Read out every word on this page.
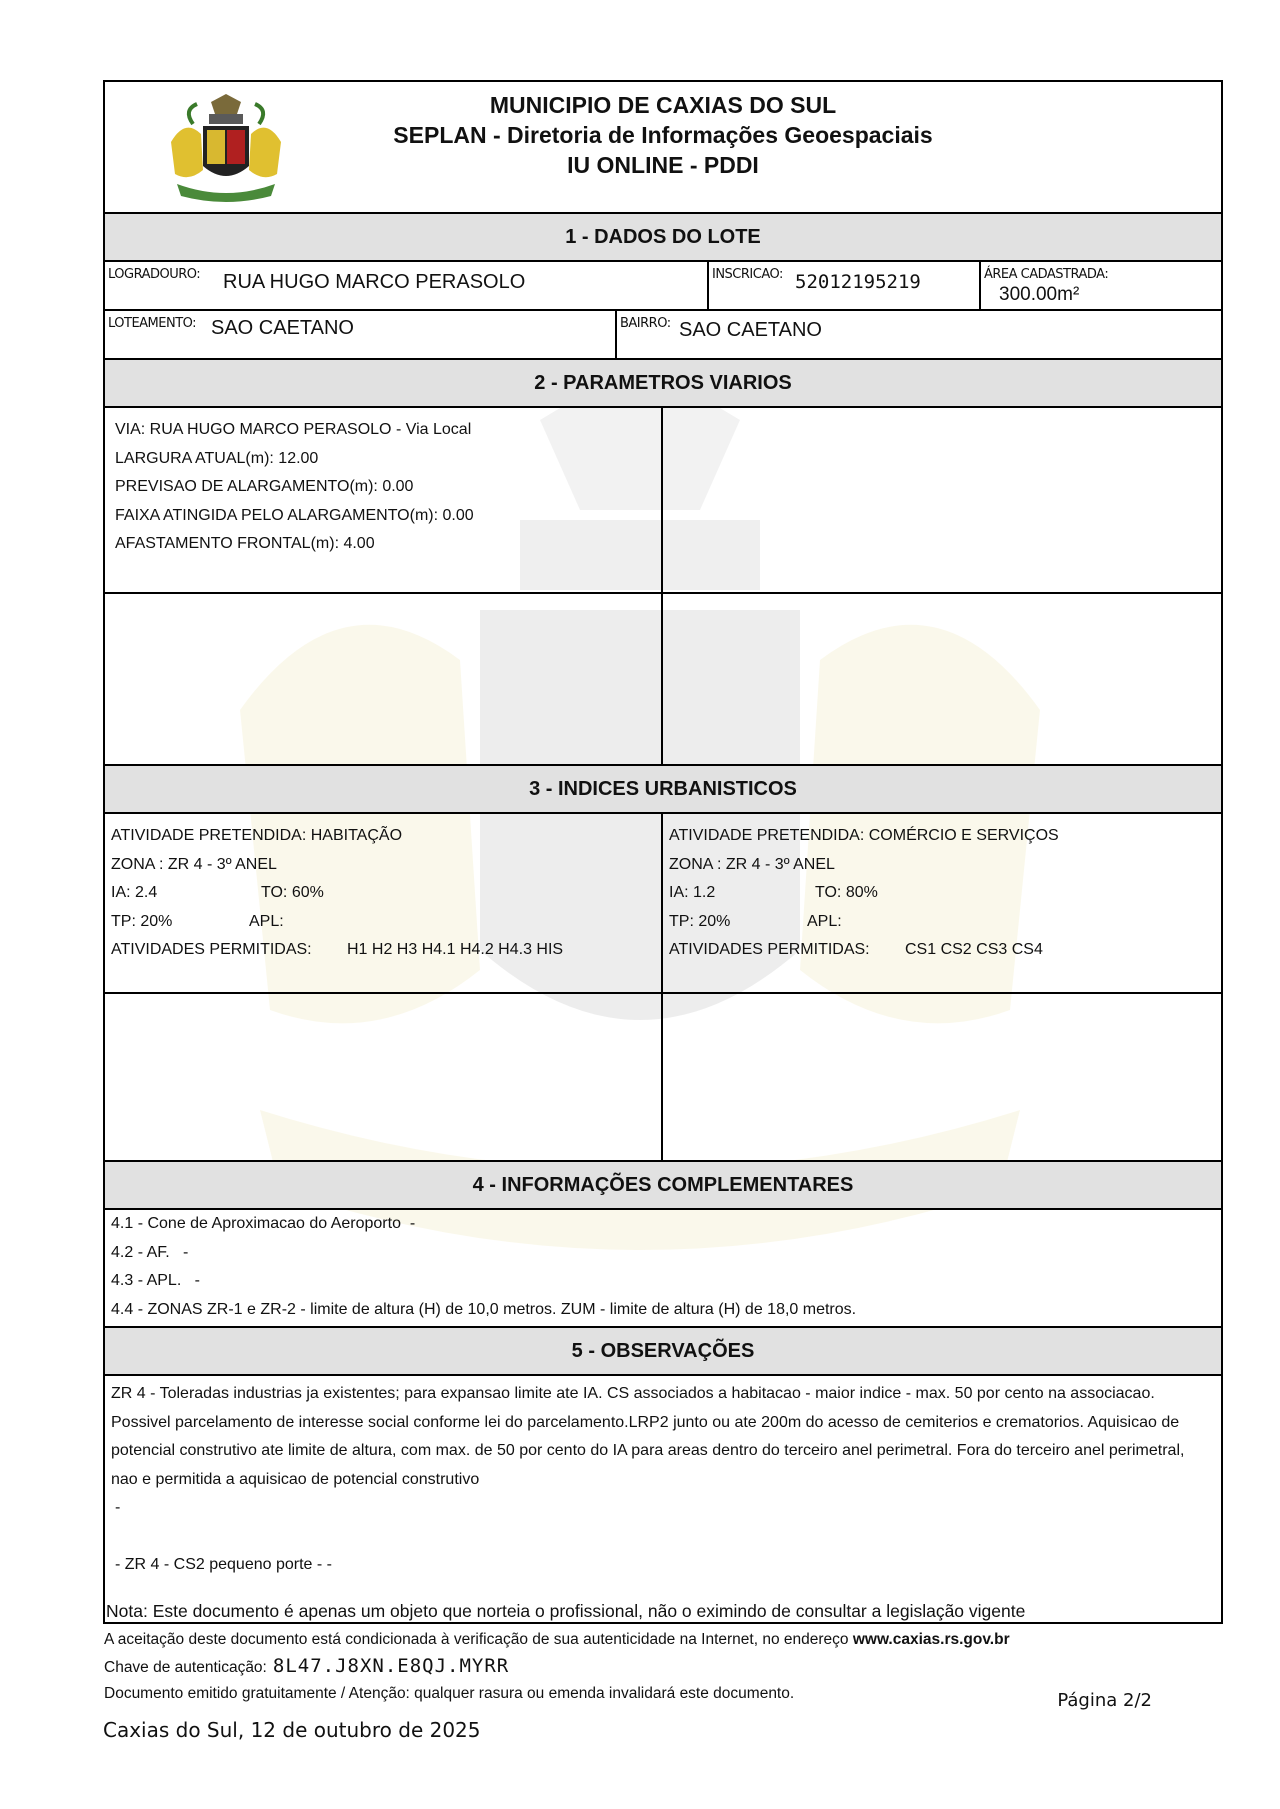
MUNICIPIO DE CAXIAS DO SUL
SEPLAN - Diretoria de Informações Geoespaciais
IU ONLINE - PDDI
1 - DADOS DO LOTE
LOGRADOURO: RUA HUGO MARCO PERASOLO	INSCRICAO: 52012195219	ÁREA CADASTRADA:
300.00m²
LOTEAMENTO: SAO CAETANO	BAIRRO: SAO CAETANO
2 - PARAMETROS VIARIOS
VIA: RUA HUGO MARCO PERASOLO - Via Local
LARGURA ATUAL(m): 12.00
PREVISAO DE ALARGAMENTO(m): 0.00
FAIXA ATINGIDA PELO ALARGAMENTO(m): 0.00
AFASTAMENTO FRONTAL(m): 4.00
3 - INDICES URBANISTICOS
ATIVIDADE PRETENDIDA: HABITAÇÃO
ZONA : ZR 4 - 3º ANEL
IA: 2.4	TO: 60%
TP: 20%	APL:
ATIVIDADES PERMITIDAS: H1 H2 H3 H4.1 H4.2 H4.3 HIS
ATIVIDADE PRETENDIDA: COMÉRCIO E SERVIÇOS
ZONA : ZR 4 - 3º ANEL
IA: 1.2	TO: 80%
TP: 20%	APL:
ATIVIDADES PERMITIDAS: CS1 CS2 CS3 CS4
4 - INFORMAÇÕES COMPLEMENTARES
4.1 - Cone de Aproximacao do Aeroporto  -
4.2 - AF.   -
4.3 - APL.   -
4.4 - ZONAS ZR-1 e ZR-2 - limite de altura (H) de 10,0 metros. ZUM - limite de altura (H) de 18,0 metros.
5 - OBSERVAÇÕES

ZR 4 - Toleradas industrias ja existentes; para expansao limite ate IA. CS associados a habitacao - maior indice - max. 50 por cento na associacao. Possivel parcelamento de interesse social conforme lei do parcelamento.LRP2 junto ou ate 200m do acesso de cemiterios e crematorios. Aquisicao de potencial construtivo ate limite de altura, com max. de 50 por cento do IA para areas dentro do terceiro anel perimetral. Fora do terceiro anel perimetral, nao e permitida a aquisicao de potencial construtivo

-

- ZR 4 - CS2 pequeno porte - -

Nota: Este documento é apenas um objeto que norteia o profissional, não o eximindo de consultar a legislação vigente
A aceitação deste documento está condicionada à verificação de sua autenticidade na Internet, no endereço www.caxias.rs.gov.br
Chave de autenticação: 8L47.J8XN.E8QJ.MYRR
Documento emitido gratuitamente / Atenção: qualquer rasura ou emenda invalidará este documento.	Página 2/2
Caxias do Sul, 12 de outubro de 2025
